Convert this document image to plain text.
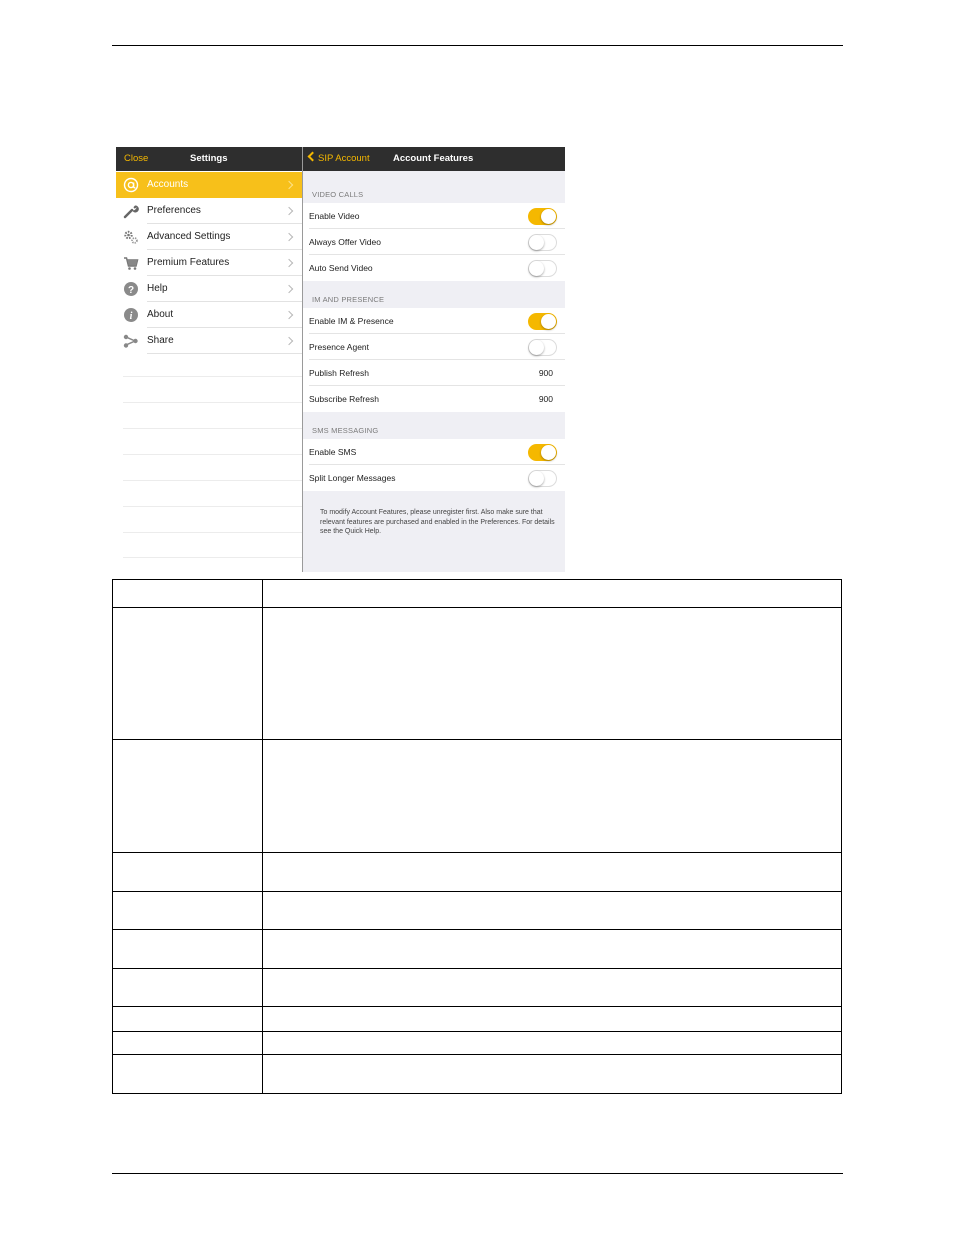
Close	Settings
Accounts
Preferences
Advanced Settings
Premium Features
? Help
i About
Share
SIP Account Account Features
VIDEO CALLS
Enable Video
Always Offer Video
Auto Send Video
IM AND PRESENCE
Enable IM & Presence
Presence Agent
Publish Refresh	900
Subscribe Refresh	900
SMS MESSAGING
Enable SMS
Split Longer Messages
To modify Account Features, please unregister first. Also make sure that relevant features are purchased and enabled in the Preferences. For details see the Quick Help.
